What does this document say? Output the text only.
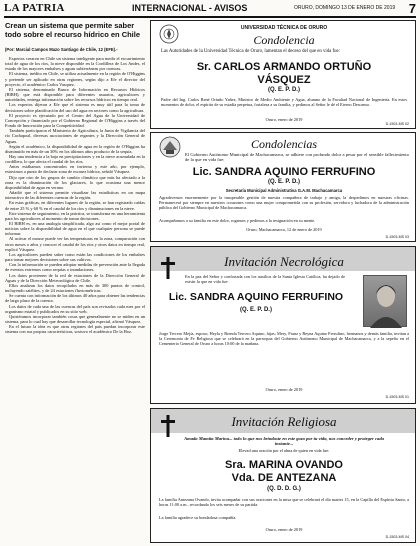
LA PATRIA	INTERNACIONAL - AVISOS	ORURO, DOMINGO 13 DE ENERO DE 2019 7
Crean un sistema que permite saber todo sobre el recurso hídrico en Chile
(Por: Marcial Campos Mazo Santiago de Chile, 12 (EFE).-

Expertos crearon en Chile un sistema inteligente para medir el escurrimiento total de agua de los ríos, la nieve disponible en la Cordillera de Los Andes, el estado de los mayores embalses y aguas subterráneas por cuencas.

El sistema, inédito en Chile, se utiliza actualmente en la región de O'Higgins y pretende ser aplicado en otras regiones, según dijo a Efe el director del proyecto, el académico Carlos Vasquez.

El sistema, denominado Banco de Información en Recursos Hídricos (BIRH), que está disponible para diferentes usuarios, agricultores y autoridades, entrega información sobre los recursos hídricos en tiempo real.

Los expertos dijeron a Efe que el sistema es muy útil para la toma de decisiones sobre planificación del uso del agua en sectores como la agricultura.

El proyecto es ejecutado por el Centro del Agua de la Universidad de Concepción y financiado por el Gobierno Regional de O'Higgins a través del Fondo de Innovación para la Competitividad.

También participaron el Ministerio de Agricultura, la Junta de Vigilancia del río Cachapoal, diversas asociaciones de regantes y la Dirección General de Aguas.

Según el académico, la disponibilidad de agua en la región de O'Higgins ha disminuido en más de un 30% en los últimos años producto de la sequía.

Hay una tendencia a la baja en precipitaciones y en la nieve acumulada en la cordillera, lo que afecta el caudal de los ríos.

Antes estábamos concentrados en invierno y este año, por ejemplo, estuvimos a punto de declarar zona de escasez hídrica, señaló Vásquez.

Dijo que otro de los grupos de cambio climático que más ha afectado a la zona es la disminución de los glaciares, lo que ocasiona una menor disponibilidad de agua en verano.

Añadió que el sistema permite visualizar las estadísticas en un mapa interactivo de las diferentes cuencas de la región.

En estas gráficas, en diferentes lugares de la región, se han registrado caídas de entre 25 % y 60 % en el caudal de los ríos y disminuciones en la nieve.

Este sistema de seguimiento, en la práctica, se transforma en una herramienta para los agricultores al momento de tomar decisiones.

El BIRH es, en una analogía simplificada, algo así como el mejor portal de noticias sobre la disponibilidad de agua en el que cualquier persona se puede informar.

Al activar el mouse puede ver las temperaturas en la zona, comparación con otros meses o años y conocer el caudal de los ríos y otros datos en tiempo real, explicó Vásquez.

Los agricultores pueden saber como están las condiciones de los embalses para tomar mejores decisiones sobre sus cultivos.

Con la información se pueden adoptar medidas de prevención ante la llegada de eventos extremos como sequías o inundaciones.

Los datos provienen de la red de estaciones de la Dirección General de Aguas y de la Dirección Meteorológica de Chile.

Ellos analizan los datos recopilados en más de 300 puntos de control, incluyendo satélites, y de 24 estaciones fluviométricas.

Se cuenta con información de los últimos 40 años para obtener las tendencias de largo plazo de la cuenca.

Los datos de cada una de las cuencas del país son revisados cada mes por el organismo estatal y publicados en su sitio web.

Quisiéramos incorporar también cosas que generalmente no se miden en un sistema, para lo cual hay que desarrollar tecnología especial, afirmó Vásquez.

En el futuro la idea es que otras regiones del país puedan incorporar este sistema con sus propias características, sostuvo el académico De la Hoz.

UNIVERSIDAD TÉCNICA DE ORURO
Condolencia
Las Autoridades de la Universidad Técnica de Oruro, lamentan el deceso del que en vida fue:
Sr. CARLOS ARMANDO ORTUÑO
VÁSQUEZ
(Q. E. P. D.)
Padre del Ing. Carlos René Ortuño Yañez, Ministro de Medio Ambiente y Agua, alumno de la Facultad Nacional de Ingeniería. En estos momentos de dolor, el espíritu de su estadía perpetua, fortaleza a su familia, y pedimos al Señor le dé el Eterno Descanso.
Oruro, enero de 2019
D-1503-MS 02
Condolencias
El Gobierno Autónomo Municipal de Machacamarca, se adhiere con profundo dolor a pesar por el sensible fallecimiento de la que en vida fue:
Lic. SANDRA AQUINO FERRUFINO
(Q. E. P. D.)
Secretaría Municipal Administrativa G.A.M. Machacamarca
Agradecemos enormemente por la insuperable gestión de nuestra compañera de trabajo y amiga, la despedimos en nuestras oficinas. Permanecerá por siempre en nuestros corazones como una mujer comprometida con su profesión, servidora y luchadora de la administración pública del Gobierno Municipal de Machacamarca.
Acompañamos a su familia en este dolor, rogamos y pedimos a la resignación en su mente.
Oruro, Machacamarca, 12 de enero de 2019
D-1503-MS 03
Invitación Necrológica
En la paz del Señor y confortada con los auxilios de la Santa Iglesia Católica, ha dejado de existir la que en vida fue:
Lic. SANDRA AQUINO FERRUFINO
(Q. E. P. D.)
Jorge Tercero Mejía, esposo; Heyla y Brenda Tercero Aquino, hijas; Mery, Franz y Reyna Aquino Ferrufino, hermanos y demás familia, invitan a la Ceremonia de Fe Religiosa que se celebrará en la parroquia del Gobierno Autónomo Municipal de Machacamarca, y a la sepelio en el Cementerio General de Oruro a horas 10:00 de la mañana.
Oruro, enero de 2019
D-1503-MS 01
Invitación Religiosa
Amada Mamita Marina... todo lo que nos brindaste en este gozo por tu vida, nos conceder y proteger cada instante...
Elevad una oración por el alma de quien en vida fue:
Sra. MARINA OVANDO
Vda. DE ANTEZANA
(Q. D. D. G.)
La familia Antezana Ovando, invita acompañar con sus oraciones en la misa que se celebrará el día martes 15, en la Capilla del Espíritu Santo, a horas 11:00 a.m., recordando los seis meses de su partida.
La familia agradece su bondadosa compañía.
Oruro, enero de 2019
D-1503-MS 04
